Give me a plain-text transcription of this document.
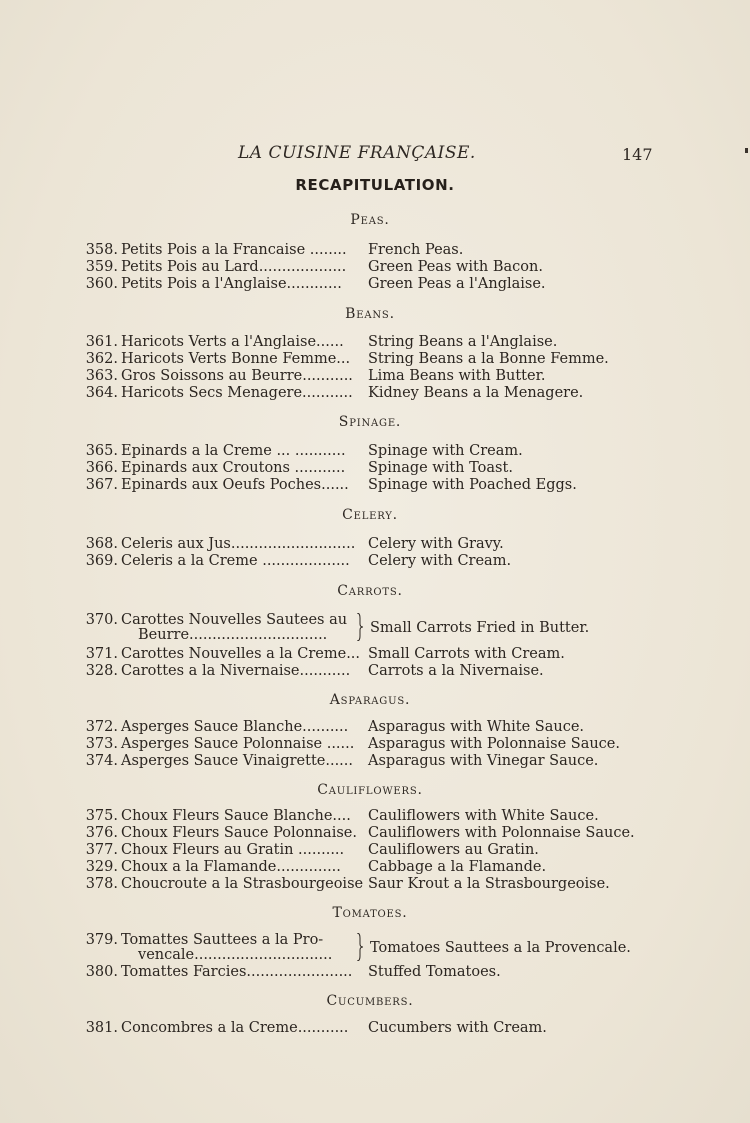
LA CUISINE FRANÇAISE.	147
RECAPITULATION.
Peas.
358. Petits Pois a la Francaise ........ French Peas.
359. Petits Pois au Lard................... Green Peas with Bacon.
360. Petits Pois a l'Anglaise............ Green Peas a l'Anglaise.
Beans.
361. Haricots Verts a l'Anglaise...... String Beans a l'Anglaise.
362. Haricots Verts Bonne Femme... String Beans a la Bonne Femme.
363. Gros Soissons au Beurre........... Lima Beans with Butter.
364. Haricots Secs Menagere........... Kidney Beans a la Menagere.
Spinage.
365. Epinards a la Creme ... ........... Spinage with Cream.
366. Epinards aux Croutons ........... Spinage with Toast.
367. Epinards aux Oeufs Poches...... Spinage with Poached Eggs.
Celery.
368. Celeris aux Jus........................... Celery with Gravy.
369. Celeris a la Creme ................... Celery with Cream.
Carrots.
370. Carottes Nouvelles Sautees au
Beurre..............................	Small Carrots Fried in Butter.
371. Carottes Nouvelles a la Creme... Small Carrots with Cream.
328. Carottes a la Nivernaise........... Carrots a la Nivernaise.
Asparagus.
372. Asperges Sauce Blanche.......... Asparagus with White Sauce.
373. Asperges Sauce Polonnaise ...... Asparagus with Polonnaise Sauce.
374. Asperges Sauce Vinaigrette...... Asparagus with Vinegar Sauce.
Cauliflowers.
375. Choux Fleurs Sauce Blanche.... Cauliflowers with White Sauce.
376. Choux Fleurs Sauce Polonnaise. Cauliflowers with Polonnaise Sauce.
377. Choux Fleurs au Gratin .......... Cauliflowers au Gratin.
329. Choux a la Flamande.............. Cabbage a la Flamande.
378. Choucroute a la Strasbourgeoise Saur Krout a la Strasbourgeoise.
Tomatoes.
379. Tomattes Sauttees a la Pro-
vencale..............................	Tomatoes Sauttees a la Provencale.
380. Tomattes Farcies....................... Stuffed Tomatoes.
Cucumbers.
381. Concombres a la Creme........... Cucumbers with Cream.
